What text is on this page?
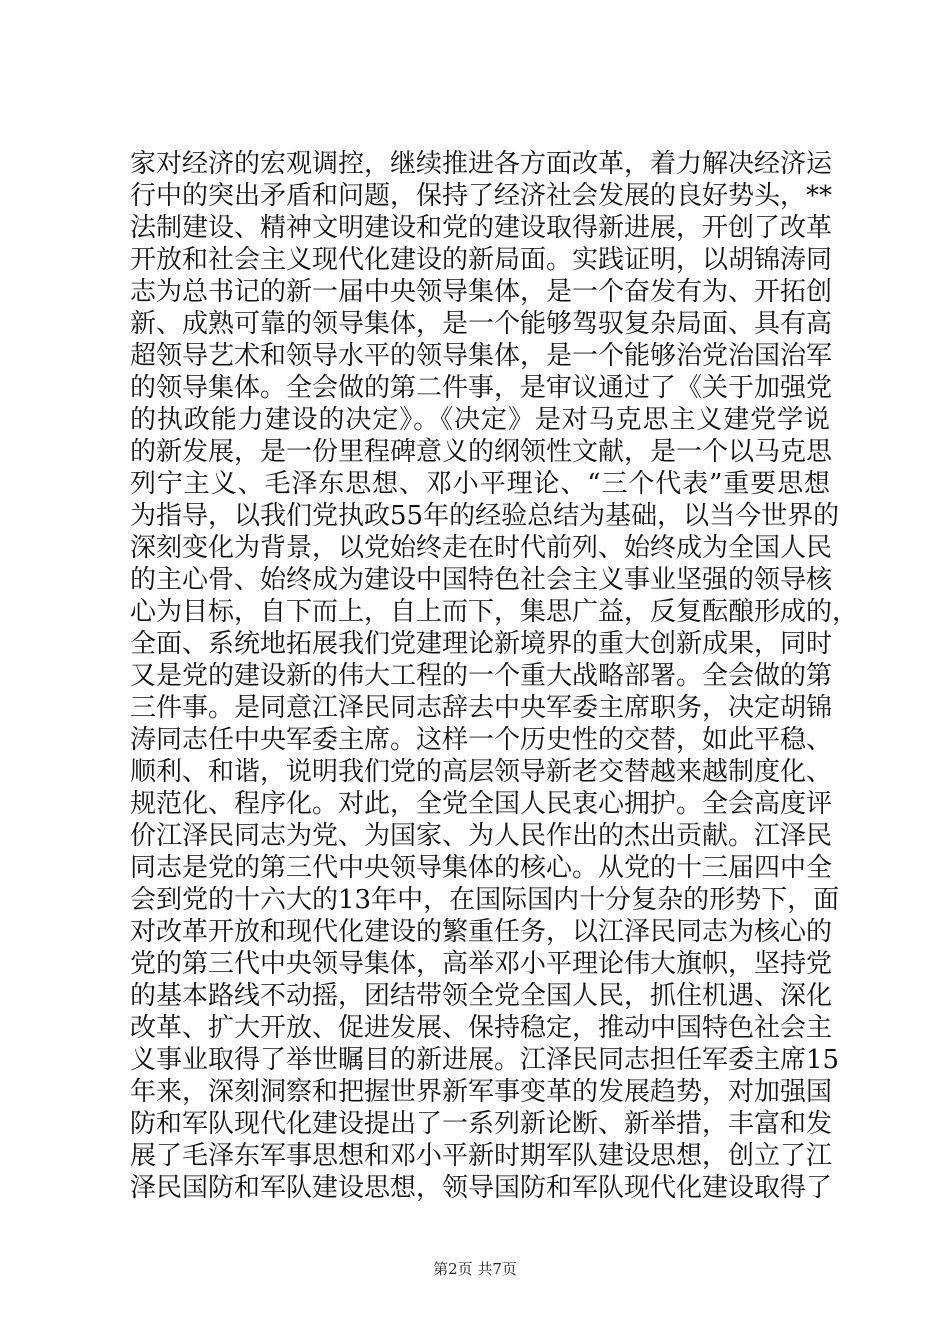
家对经济的宏观调控，继续推进各方面改革，着力解决经济运
行中的突出矛盾和问题，保持了经济社会发展的良好势头，**
法制建设、精神文明建设和党的建设取得新进展，开创了改革
开放和社会主义现代化建设的新局面。实践证明，以胡锦涛同
志为总书记的新一届中央领导集体，是一个奋发有为、开拓创
新、成熟可靠的领导集体，是一个能够驾驭复杂局面、具有高
超领导艺术和领导水平的领导集体，是一个能够治党治国治军
的领导集体。全会做的第二件事，是审议通过了《关于加强党
的执政能力建设的决定》。《决定》是对马克思主义建党学说
的新发展，是一份里程碑意义的纲领性文献，是一个以马克思
列宁主义、毛泽东思想、邓小平理论、“三个代表”重要思想
为指导，以我们党执政55年的经验总结为基础，以当今世界的
深刻变化为背景，以党始终走在时代前列、始终成为全国人民
的主心骨、始终成为建设中国特色社会主义事业坚强的领导核
心为目标，自下而上，自上而下，集思广益，反复酝酿形成的，
全面、系统地拓展我们党建理论新境界的重大创新成果，同时
又是党的建设新的伟大工程的一个重大战略部署。全会做的第
三件事。是同意江泽民同志辞去中央军委主席职务，决定胡锦
涛同志任中央军委主席。这样一个历史性的交替，如此平稳、
顺利、和谐，说明我们党的高层领导新老交替越来越制度化、
规范化、程序化。对此，全党全国人民衷心拥护。全会高度评
价江泽民同志为党、为国家、为人民作出的杰出贡献。江泽民
同志是党的第三代中央领导集体的核心。从党的十三届四中全
会到党的十六大的13年中，在国际国内十分复杂的形势下，面
对改革开放和现代化建设的繁重任务，以江泽民同志为核心的
党的第三代中央领导集体，高举邓小平理论伟大旗帜，坚持党
的基本路线不动摇，团结带领全党全国人民，抓住机遇、深化
改革、扩大开放、促进发展、保持稳定，推动中国特色社会主
义事业取得了举世瞩目的新进展。江泽民同志担任军委主席15
年来，深刻洞察和把握世界新军事变革的发展趋势，对加强国
防和军队现代化建设提出了一系列新论断、新举措，丰富和发
展了毛泽东军事思想和邓小平新时期军队建设思想，创立了江
泽民国防和军队建设思想，领导国防和军队现代化建设取得了
第2页 共7页
